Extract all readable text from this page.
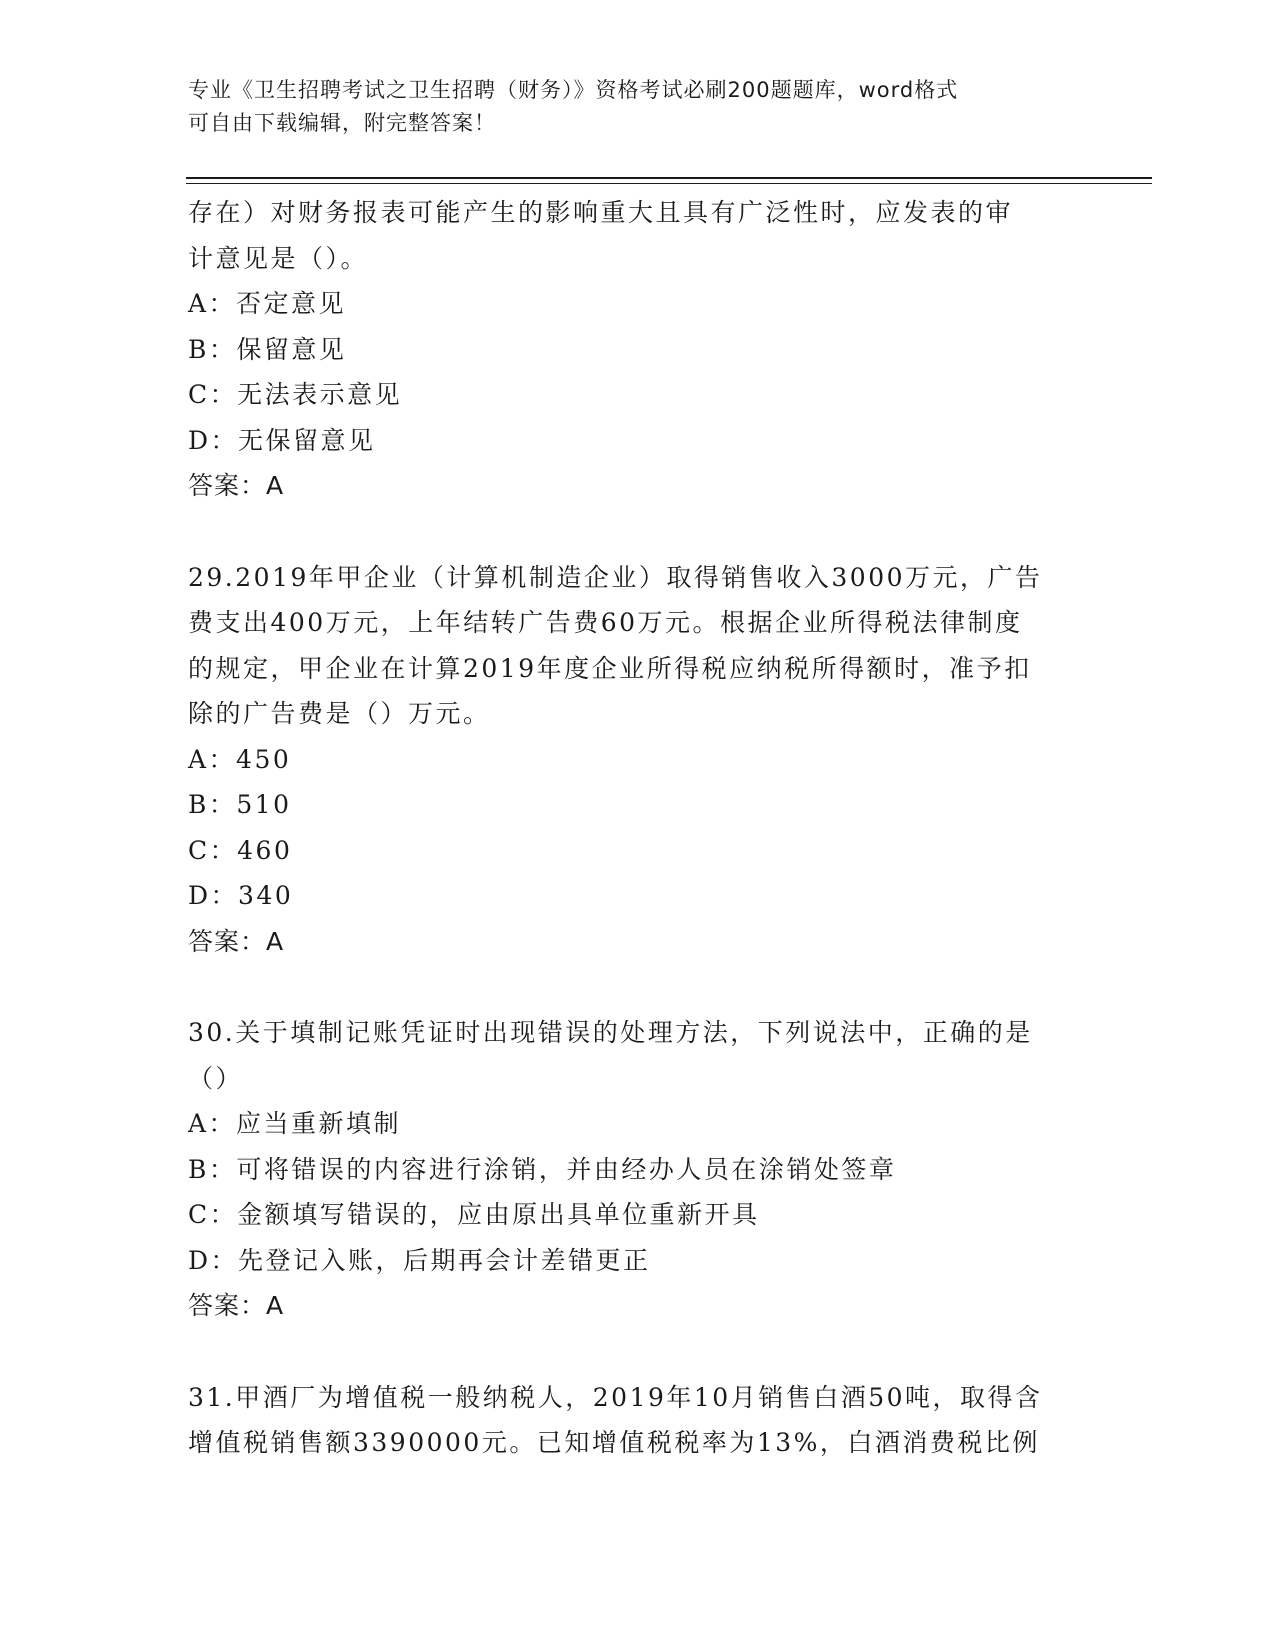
专业《卫生招聘考试之卫生招聘（财务）》资格考试必刷200题题库，word格式
可自由下载编辑，附完整答案！

存在）对财务报表可能产生的影响重大且具有广泛性时，应发表的审

计意见是（）。

A：否定意见

B：保留意见

C：无法表示意见

D：无保留意见

答案：A

29.2019年甲企业（计算机制造企业）取得销售收入3000万元，广告

费支出400万元，上年结转广告费60万元。根据企业所得税法律制度

的规定，甲企业在计算2019年度企业所得税应纳税所得额时，准予扣

除的广告费是（）万元。

A：450

B：510

C：460

D：340

答案：A

30.关于填制记账凭证时出现错误的处理方法，下列说法中，正确的是

（）

A：应当重新填制

B：可将错误的内容进行涂销，并由经办人员在涂销处签章

C：金额填写错误的，应由原出具单位重新开具

D：先登记入账，后期再会计差错更正

答案：A

31.甲酒厂为增值税一般纳税人，2019年10月销售白酒50吨，取得含

增值税销售额3390000元。已知增值税税率为13%，白酒消费税比例
